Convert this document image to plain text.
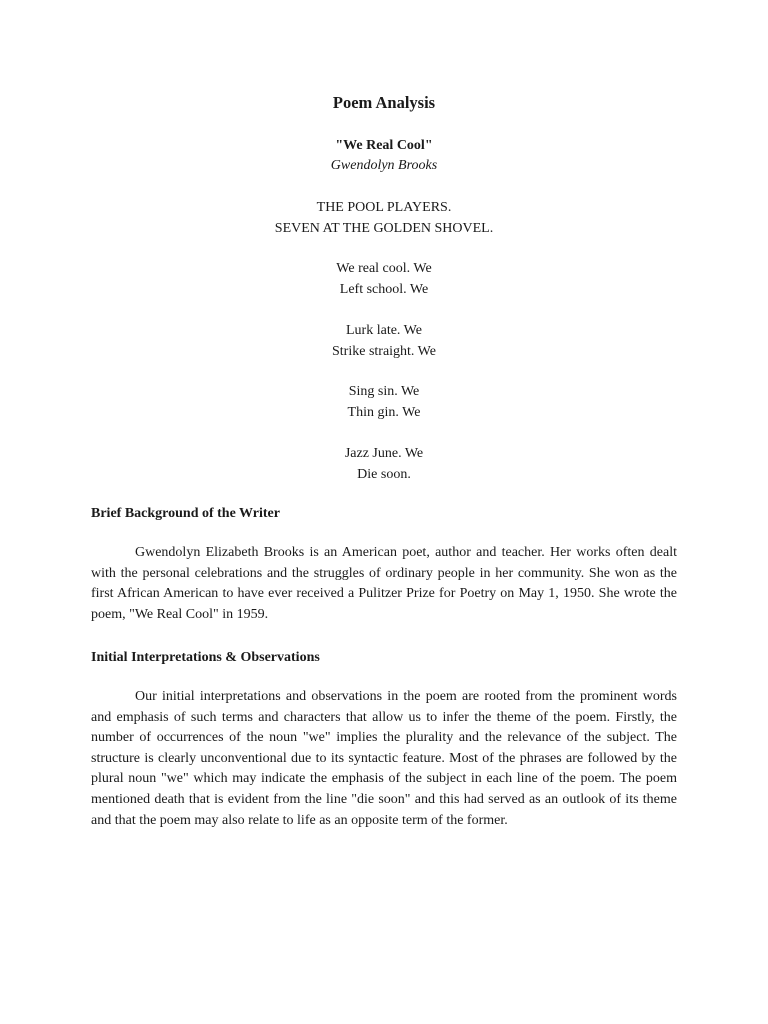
Poem Analysis
"We Real Cool"
Gwendolyn Brooks
THE POOL PLAYERS.
SEVEN AT THE GOLDEN SHOVEL.
We real cool. We
Left school. We
Lurk late. We
Strike straight. We
Sing sin. We
Thin gin. We
Jazz June. We
Die soon.
Brief Background of the Writer

Gwendolyn Elizabeth Brooks is an American poet, author and teacher. Her works often dealt with the personal celebrations and the struggles of ordinary people in her community. She won as the first African American to have ever received a Pulitzer Prize for Poetry on May 1, 1950. She wrote the poem, "We Real Cool" in 1959.

Initial Interpretations & Observations

Our initial interpretations and observations in the poem are rooted from the prominent words and emphasis of such terms and characters that allow us to infer the theme of the poem. Firstly, the number of occurrences of the noun "we" implies the plurality and the relevance of the subject. The structure is clearly unconventional due to its syntactic feature. Most of the phrases are followed by the plural noun "we" which may indicate the emphasis of the subject in each line of the poem. The poem mentioned death that is evident from the line "die soon" and this had served as an outlook of its theme and that the poem may also relate to life as an opposite term of the former.
